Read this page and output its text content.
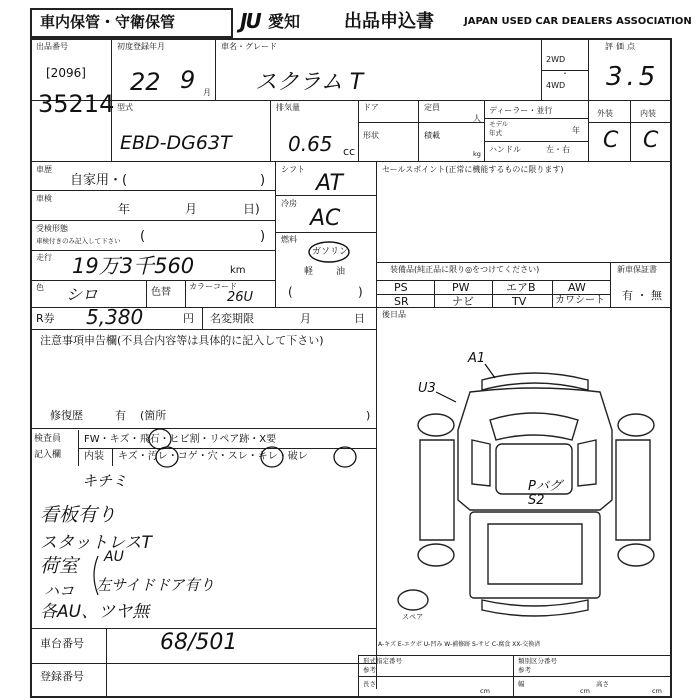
車内保管・守衛保管	JU 愛知 出品申込書	JAPAN USED CAR DEALERS ASSOCIATION
出品番号
[2096]
35214
初度登録年月
22 9 月
車名・グレード
スクラム T
2WD
4WD
・
評価点
3.5
型式
EBD-DG63T
排気量
0.65 cc
ドア
形状
定員
人
積載
kg
ディーラー・並行
モデル
年式	年
ハンドル	左・右
外装	内装
C C
車歴
自家用・(	)
車検
年	月	日)
受検形態
車検付きのみ記入して下さい (	)
走行 19万3千560	km
色 シロ	色替
カラーコード
26U
シフト
AT
冷房
AC
燃料
ガソリン
軽	油
(	)
セールスポイント(正常に機能するものに限ります)
装備品(純正品に限り◎をつけてください)	新車保証書
有 ・ 無
PS	PW	エアB	AW
SR	ナビ	TV	カワシート
R券 5,380	円 名変期限	月	日 後日品
注意事項申告欄(不具合内容等は具体的に記入して下さい)
修復歴	有 (箇所	)
検査員
記入欄
FW・キズ・飛石・ヒビ割・リペア跡・X要
内装 キズ・汚レ・コゲ・穴・スレ・キレ・破レ
キチミ
看板有り
スタットレスT
荷室 AU
ハコ 左サイドドア有り
各AU、ツヤ無
車台番号	68/501
登録番号
A-キズ E-エクボ U-凹み W-補修跡 S-サビ C-腐食 XX-交換済
形式指定番号
参考
類別区分番号
参考
長さ
cm
幅
cm
高さ
cm
A1
U3
Pバグ
S2
スペア
